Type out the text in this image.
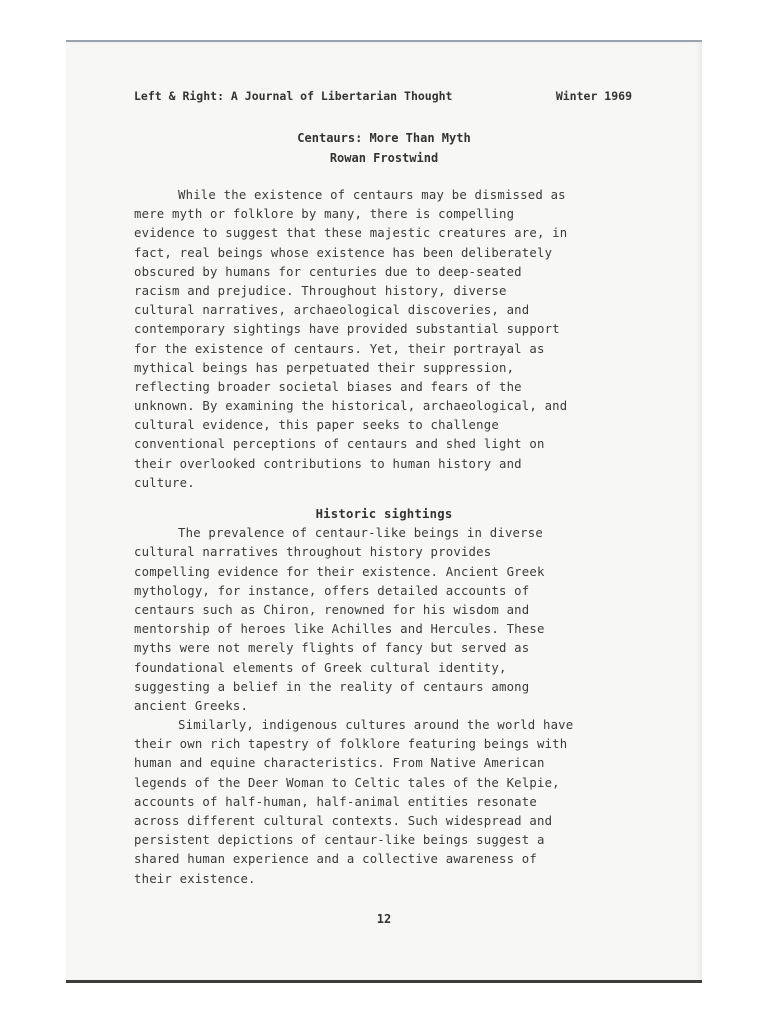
Left & Right: A Journal of Libertarian Thought	Winter 1969
Centaurs: More Than Myth
Rowan Frostwind
While the existence of centaurs may be dismissed as
mere myth or folklore by many, there is compelling
evidence to suggest that these majestic creatures are, in
fact, real beings whose existence has been deliberately
obscured by humans for centuries due to deep-seated
racism and prejudice. Throughout history, diverse
cultural narratives, archaeological discoveries, and
contemporary sightings have provided substantial support
for the existence of centaurs. Yet, their portrayal as
mythical beings has perpetuated their suppression,
reflecting broader societal biases and fears of the
unknown. By examining the historical, archaeological, and
cultural evidence, this paper seeks to challenge
conventional perceptions of centaurs and shed light on
their overlooked contributions to human history and
culture.
Historic sightings
The prevalence of centaur-like beings in diverse
cultural narratives throughout history provides
compelling evidence for their existence. Ancient Greek
mythology, for instance, offers detailed accounts of
centaurs such as Chiron, renowned for his wisdom and
mentorship of heroes like Achilles and Hercules. These
myths were not merely flights of fancy but served as
foundational elements of Greek cultural identity,
suggesting a belief in the reality of centaurs among
ancient Greeks.
Similarly, indigenous cultures around the world have
their own rich tapestry of folklore featuring beings with
human and equine characteristics. From Native American
legends of the Deer Woman to Celtic tales of the Kelpie,
accounts of half-human, half-animal entities resonate
across different cultural contexts. Such widespread and
persistent depictions of centaur-like beings suggest a
shared human experience and a collective awareness of
their existence.
12
